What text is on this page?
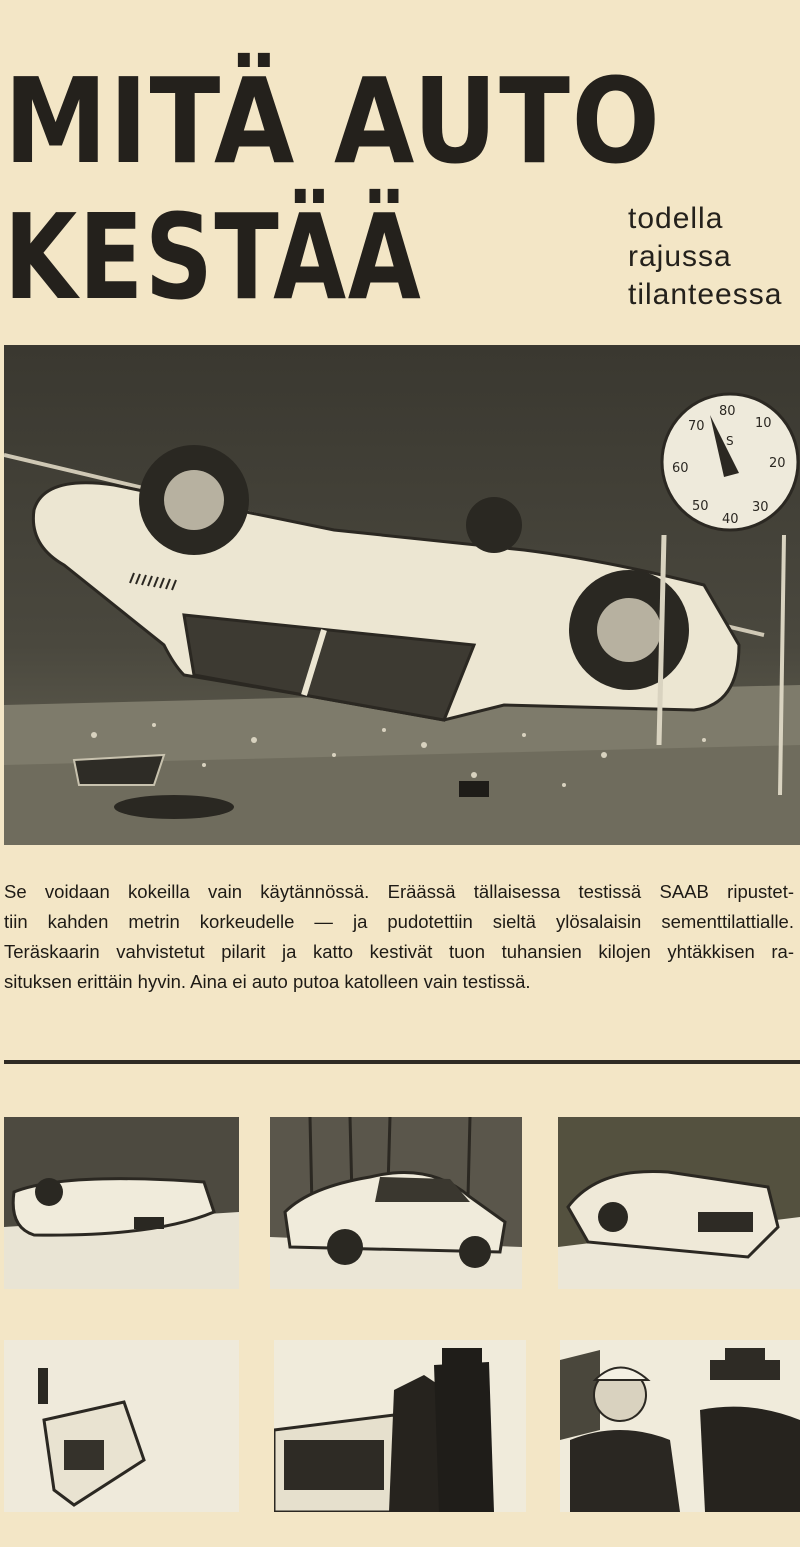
MITÄ AUTO
KESTÄÄ	todella
rajussa
tilanteessa
70
80
10
20
60
50
40
30
S
Se voidaan kokeilla vain käytännössä. Eräässä tällaisessa testissä SAAB ripustet-
tiin kahden metrin korkeudelle — ja pudotettiin sieltä ylösalaisin sementtilattialle.
Teräskaarin vahvistetut pilarit ja katto kestivät tuon tuhansien kilojen yhtäkkisen ra-
situksen erittäin hyvin. Aina ei auto putoa katolleen vain testissä.
